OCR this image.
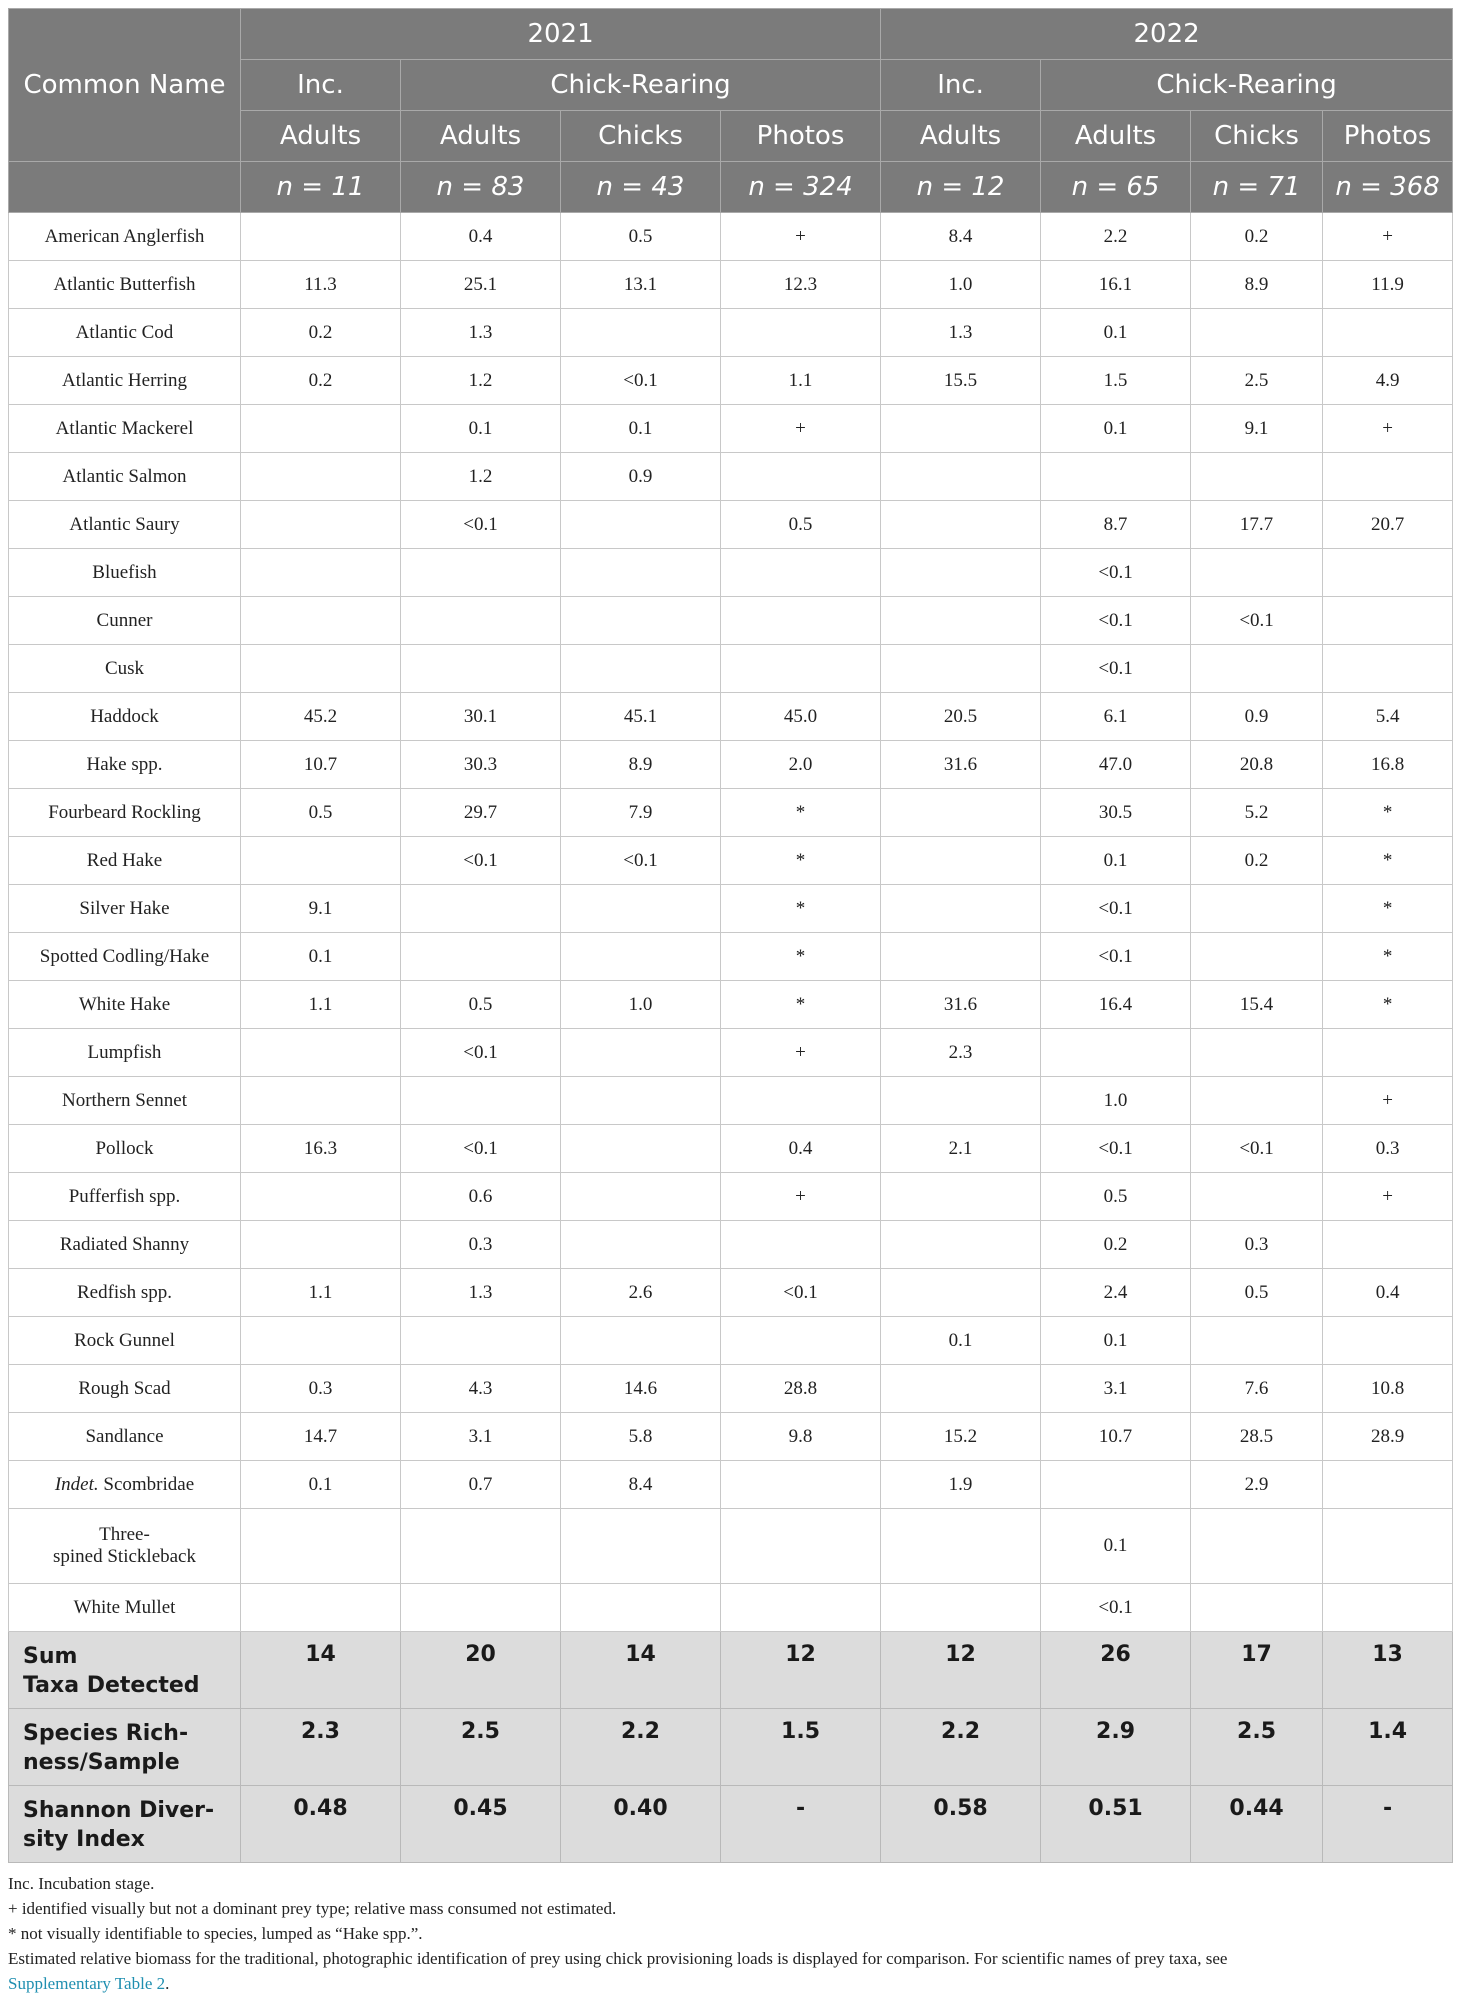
Common Name	2021				2022			
	Inc.	Chick-Rearing			Inc.	Chick-Rearing		
	Adults	Adults	Chicks	Photos	Adults	Adults	Chicks	Photos
	n = 11	n = 83	n = 43	n = 324	n = 12	n = 65	n = 71	n = 368
American Anglerfish		0.4	0.5	+	8.4	2.2	0.2	+
Atlantic Butterfish	11.3	25.1	13.1	12.3	1.0	16.1	8.9	11.9
Atlantic Cod	0.2	1.3			1.3	0.1		
Atlantic Herring	0.2	1.2	<0.1	1.1	15.5	1.5	2.5	4.9
Atlantic Mackerel		0.1	0.1	+		0.1	9.1	+
Atlantic Salmon		1.2	0.9					
Atlantic Saury		<0.1		0.5		8.7	17.7	20.7
Bluefish						<0.1		
Cunner						<0.1	<0.1	
Cusk						<0.1		
Haddock	45.2	30.1	45.1	45.0	20.5	6.1	0.9	5.4
Hake spp.	10.7	30.3	8.9	2.0	31.6	47.0	20.8	16.8
Fourbeard Rockling	0.5	29.7	7.9	*		30.5	5.2	*
Red Hake		<0.1	<0.1	*		0.1	0.2	*
Silver Hake	9.1			*		<0.1		*
Spotted Codling/Hake	0.1			*		<0.1		*
White Hake	1.1	0.5	1.0	*	31.6	16.4	15.4	*
Lumpfish		<0.1		+	2.3			
Northern Sennet						1.0		+
Pollock	16.3	<0.1		0.4	2.1	<0.1	<0.1	0.3
Pufferfish spp.		0.6		+		0.5		+
Radiated Shanny		0.3				0.2	0.3	
Redfish spp.	1.1	1.3	2.6	<0.1		2.4	0.5	0.4
Rock Gunnel					0.1	0.1		
Rough Scad	0.3	4.3	14.6	28.8		3.1	7.6	10.8
Sandlance	14.7	3.1	5.8	9.8	15.2	10.7	28.5	28.9
Indet. Scombridae	0.1	0.7	8.4		1.9		2.9	
Three-
spined Stickleback						0.1		
White Mullet						<0.1		
Sum
Taxa Detected	14	20	14	12	12	26	17	13
Species Rich-
ness/Sample	2.3	2.5	2.2	1.5	2.2	2.9	2.5	1.4
Shannon Diver-
sity Index	0.48	0.45	0.40	-	0.58	0.51	0.44	-
Inc. Incubation stage.
+ identified visually but not a dominant prey type; relative mass consumed not estimated.
* not visually identifiable to species, lumped as “Hake spp.”.
Estimated relative biomass for the traditional, photographic identification of prey using chick provisioning loads is displayed for comparison. For scientific names of prey taxa, see
Supplementary Table 2.
